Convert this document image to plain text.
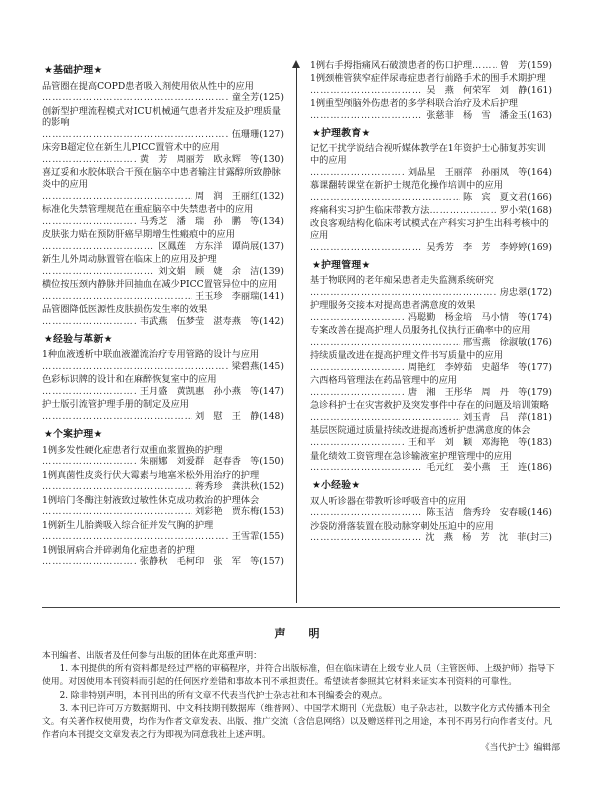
★基础护理★
品管圈在提高COPD患者吸入剂使用依从性中的应用
……………………………………………………………………………………………………
童全芳 (125)
创新型护理流程模式对ICU机械通气患者并发症及护理质量的影响
……………………………………………………………………………………………………
伍珊珊 (127)
床旁B超定位在新生儿PICC置管术中的应用
……………………………………………………………………………………………………
黄　芳　周丽芳　欧永辉　等 (130)
喜辽妥和水胶体联合干预在脑卒中患者输注甘露醇所致静脉炎中的应用
……………………………………………………………………………………………………
周　润　王丽红 (132)
标准化失禁管理规范在重症脑卒中失禁患者中的应用
……………………………………………………………………………………………………
马秀芝　潘　瑞　孙　鹏　等 (134)
皮肤张力贴在预防肝癌早期增生性瘢痕中的应用
……………………………………………………………………………………………………
区鳳莲　方东洋　谭尚展 (137)
新生儿外周动脉置管在临床上的应用及护理
……………………………………………………………………………………………………
刘文娟　顾　婕　余　洁 (139)
横位按压颈内静脉并回抽血在减少PICC置管异位中的应用
……………………………………………………………………………………………………
王玉珍　李丽瑞 (141)
品管圈降低医源性皮肤损伤发生率的效果
……………………………………………………………………………………………………
韦武燕　伍梦莹　湛寿燕　等 (142)
★经验与革新★
1种血液透析中联血液灌流治疗专用管路的设计与应用
……………………………………………………………………………………………………
梁碧燕 (145)
色彩标识牌的设计和在麻醉恢复室中的应用
……………………………………………………………………………………………………
王月盛　黄凯惠　孙小燕　等 (147)
护士版引流管护理手册的制定及应用
……………………………………………………………………………………………………
刘　慰　王　静 (148)
★个案护理★
1例多发性硬化症患者行双重血浆置换的护理
……………………………………………………………………………………………………
朱丽娜　刘爱群　赵春香　等 (150)
1例真菌性皮炎行伏大霉素与地塞米松外用治疗的护理
……………………………………………………………………………………………………
蒋秀珍　龚洪秋 (152)
1例培门冬酶注射液致过敏性休克成功救治的护理体会
……………………………………………………………………………………………………
刘彩艳　贾东梅 (153)
1例新生儿胎粪吸入综合征并发气胸的护理
……………………………………………………………………………………………………
王雪霏 (155)
1例银屑病合并碎剥角化症患者的护理
……………………………………………………………………………………………………
张静秋　毛柯印　张　军　等 (157)
1例右手拇指痛风石破溃患者的伤口护理 ……………………………………………………………………………………………………	曾　芳 (159)
1例颈椎管狭窄症伴尿毒症患者行前路手术的围手术期护理
……………………………………………………………………………………………………
吴　燕　何荣军　刘　静 (161)
1例重型颅脑外伤患者的多学科联合治疗及术后护理
……………………………………………………………………………………………………
张慈菲　杨　雪　潘金玉 (163)
★护理教育★
记忆干扰学说结合视听媒体教学在1年资护士心肺复苏实训中的应用
……………………………………………………………………………………………………
刘晶星　王丽萍　孙丽凤　等 (164)
慕课翻转课堂在新护士规范化操作培训中的应用
……………………………………………………………………………………………………
陈　宾　夏文君 (166)
疼痛科实习护生临床带教方法 ……………………………………………………………………………………………………	罗小荣 (168)
改良客观结构化临床考试模式在产科实习护生出科考核中的应用
……………………………………………………………………………………………………
吴秀芳　李　芳　李婷婷 (169)
★护理管理★
基于物联网的老年痴呆患者走失监测系统研究
……………………………………………………………………………………………………
房忠翠 (172)
护理服务交接本对提高患者满意度的效果
……………………………………………………………………………………………………
冯聪勤　杨金培　马小情　等 (174)
专案改善在提高护理人员服务扎仪执行正确率中的应用
……………………………………………………………………………………………………
邢雪燕　徐淑敏 (176)
持续质量改进在提高护理文件书写质量中的应用
……………………………………………………………………………………………………
周艳红　李婷茹　史超华　等 (177)
六西格玛管理法在药品管理中的应用
……………………………………………………………………………………………………
唐　湘　王彤华　周　丹　等 (179)
急诊科护士在灾害救护及突发事件中存在的问题及培训策略
……………………………………………………………………………………………………
刘玉青　吕　萍 (181)
基层医院通过质量持续改进提高透析护患满意度的体会
……………………………………………………………………………………………………
王和平　刘　颖　邓海艳　等 (183)
量化绩效工资管理在急诊输液室护理管理中的应用
……………………………………………………………………………………………………
毛元红　姜小燕　王　连 (186)
★小经验★
双人听诊器在带教听诊呼吸音中的应用
……………………………………………………………………………………………………
陈玉洁　詹秀玲　安春暖 (146)
沙袋防滑落装置在股动脉穿刺处压迫中的应用
……………………………………………………………………………………………………
沈　燕　杨　芳　沈　菲 (封三)
声　明

本刊编者、出版者及任何参与出版的团体在此郑重声明：

1. 本刊提供的所有资料都是经过严格的审稿程序，并符合出版标准，但在临床请在上级专业人员（主管医师、上级护师）指导下使用。对因使用本刊资料而引起的任何医疗差错和事故本刊不承担责任。希望读者参照其它材料来证实本刊资料的可靠性。

2. 除非特别声明，本刊刊出的所有文章不代表当代护士杂志社和本刊编委会的观点。

3. 本刊已许可万方数据期刊、中文科技期刊数据库（维普网）、中国学术期刊（光盘版）电子杂志社，以数字化方式传播本刊全文。有关著作权使用费，均作为作者文章发表、出版、推广交流（含信息网络）以及赠送样刊之用途，本刊不再另行向作者支付。凡作者向本刊提交文章发表之行为即视为同意我社上述声明。

《当代护士》编辑部
